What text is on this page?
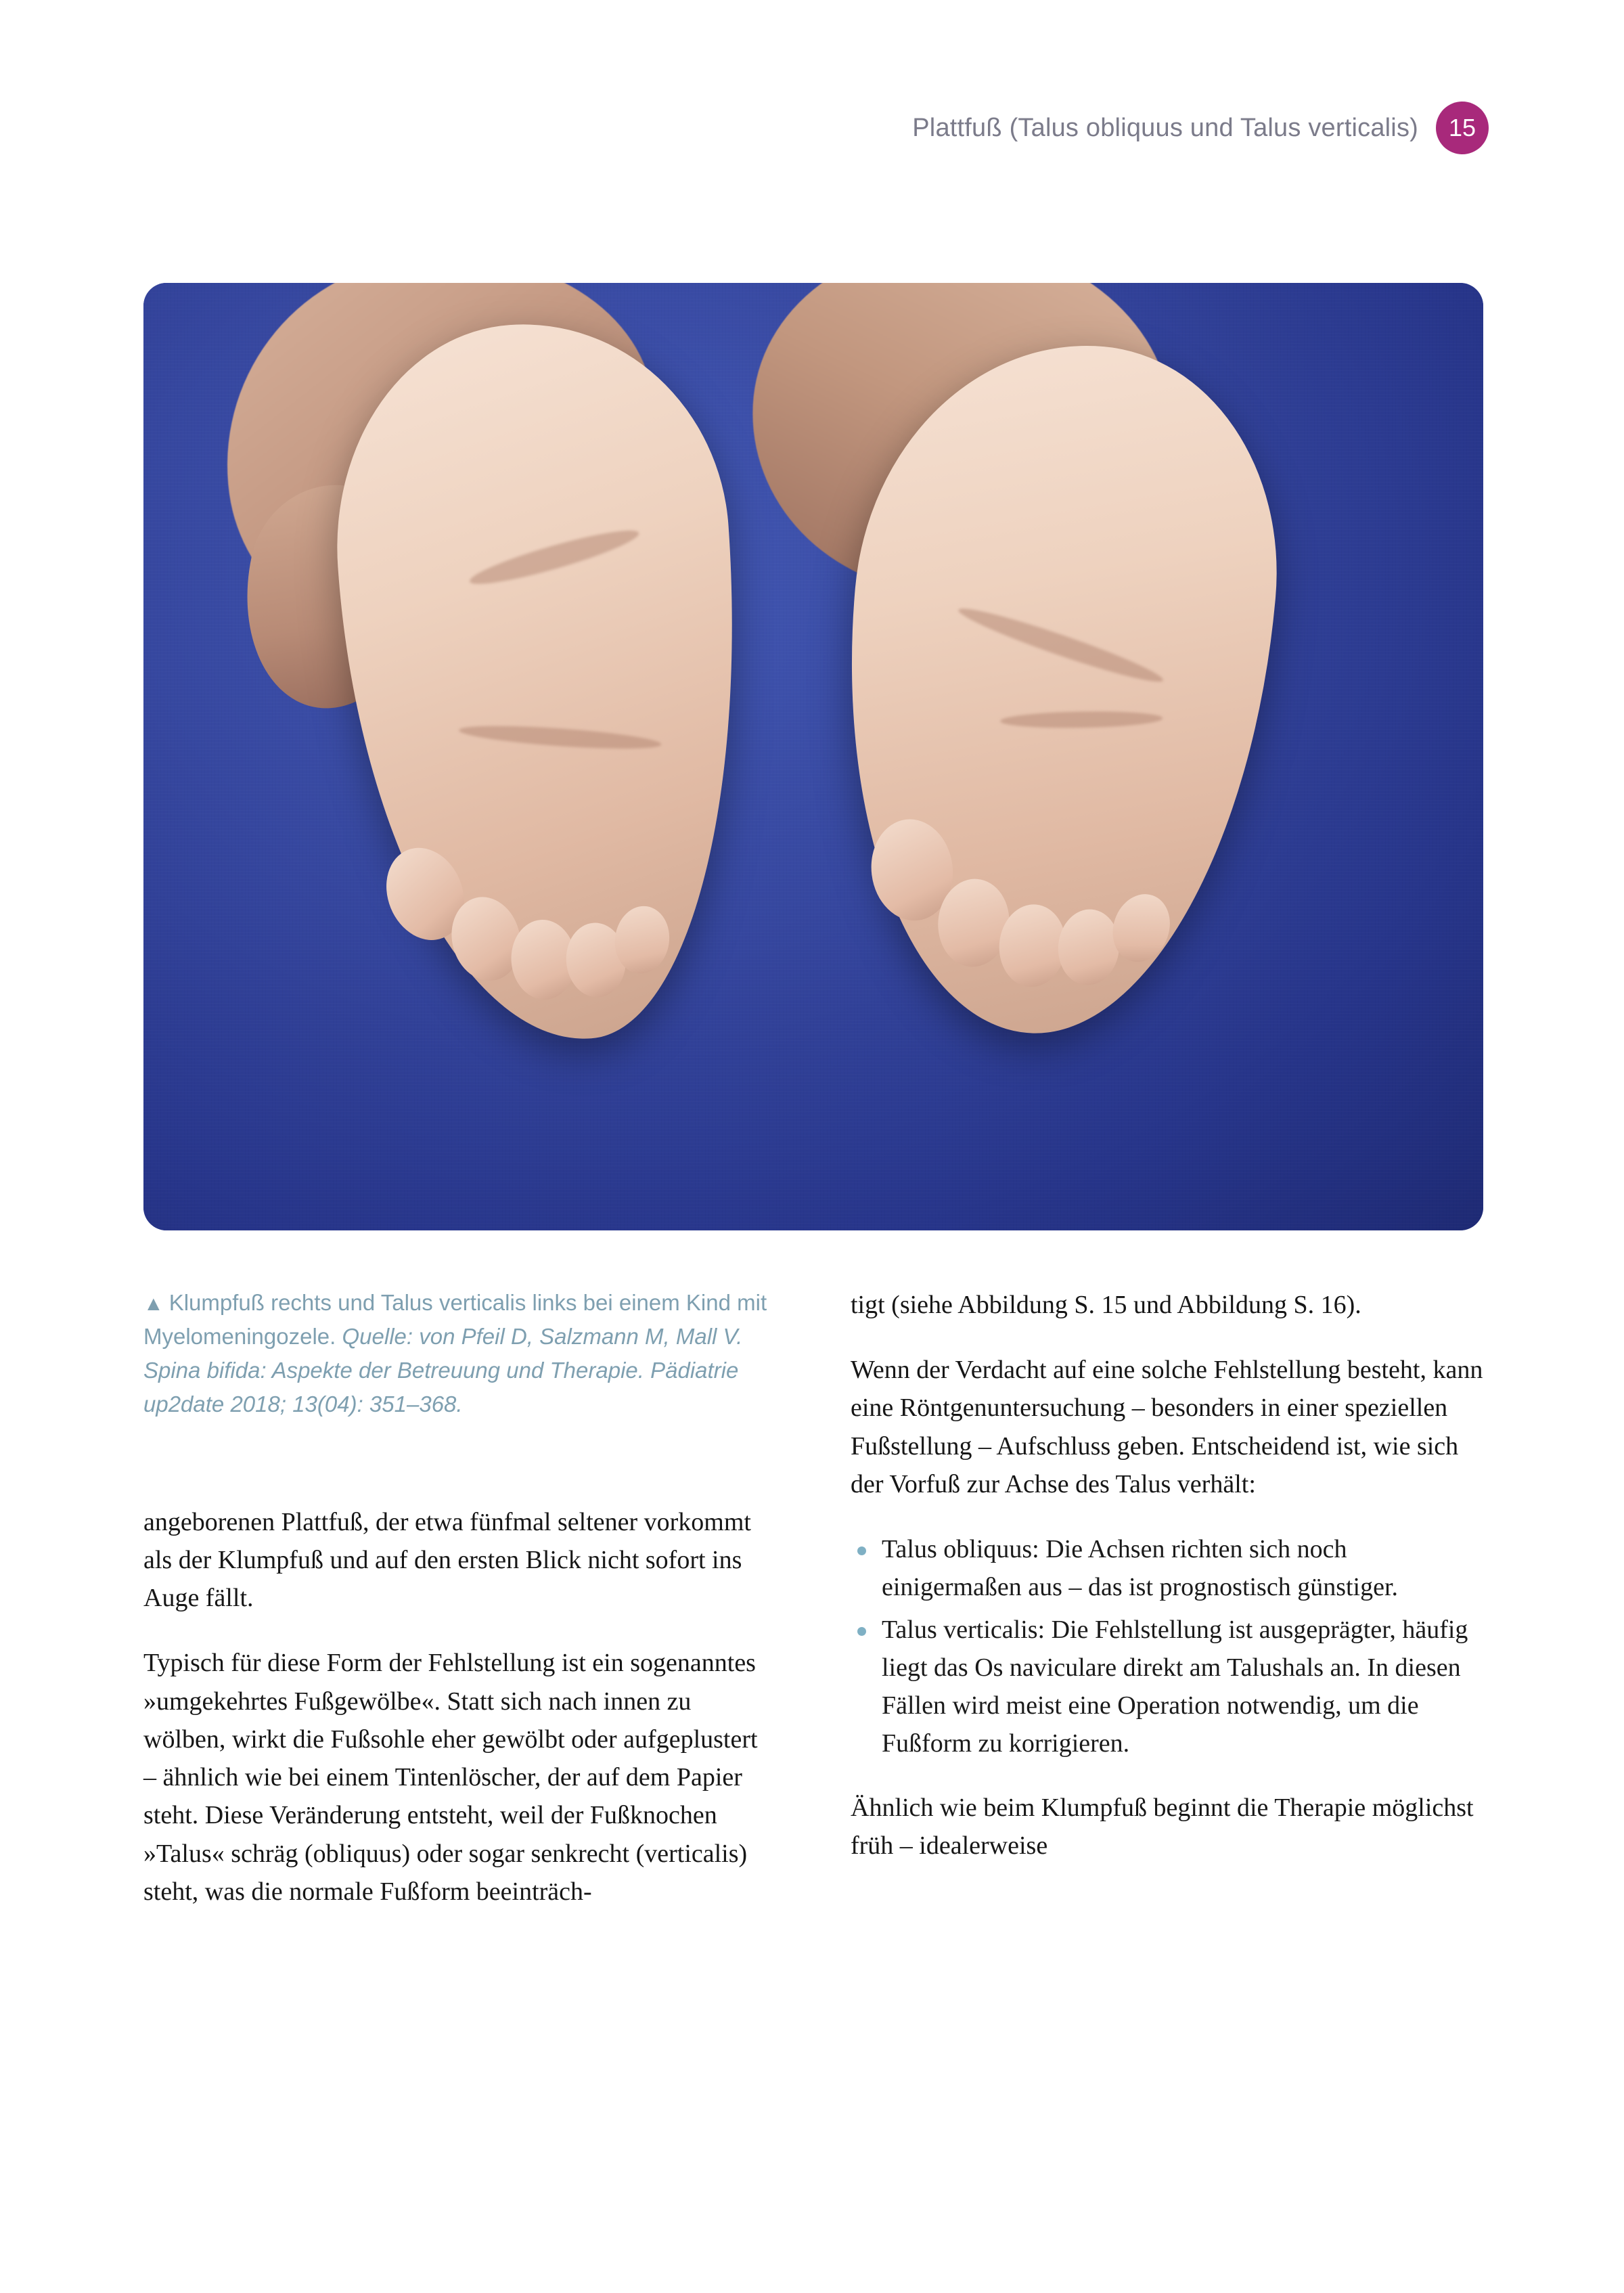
Plattfuß (Talus obliquus und Talus verticalis)	15
▲ Klumpfuß rechts und Talus verticalis links bei einem Kind mit Myelomeningozele. Quelle: von Pfeil D, Salzmann M, Mall V. Spina bifida: Aspekte der Betreuung und Therapie. Pädiatrie up2date 2018; 13(04): 351–368.

angeborenen Plattfuß, der etwa fünfmal seltener vorkommt als der Klumpfuß und auf den ersten Blick nicht sofort ins Auge fällt.

Typisch für diese Form der Fehlstellung ist ein sogenanntes »umgekehrtes Fußgewölbe«. Statt sich nach innen zu wölben, wirkt die Fußsohle eher gewölbt oder aufgeplustert – ähnlich wie bei einem Tintenlöscher, der auf dem Papier steht. Diese Veränderung entsteht, weil der Fußknochen »Talus« schräg (obliquus) oder sogar senkrecht (verticalis) steht, was die normale Fußform beeinträch-

tigt (siehe Abbildung S. 15 und Abbildung S. 16).

Wenn der Verdacht auf eine solche Fehlstellung besteht, kann eine Röntgenuntersuchung – besonders in einer speziellen Fußstellung – Aufschluss geben. Entscheidend ist, wie sich der Vorfuß zur Achse des Talus verhält:

Talus obliquus: Die Achsen richten sich noch einigermaßen aus – das ist prognostisch günstiger.
Talus verticalis: Die Fehlstellung ist ausgeprägter, häufig liegt das Os naviculare direkt am Talushals an. In diesen Fällen wird meist eine Operation notwendig, um die Fußform zu korrigieren.

Ähnlich wie beim Klumpfuß beginnt die Therapie möglichst früh – idealerweise
